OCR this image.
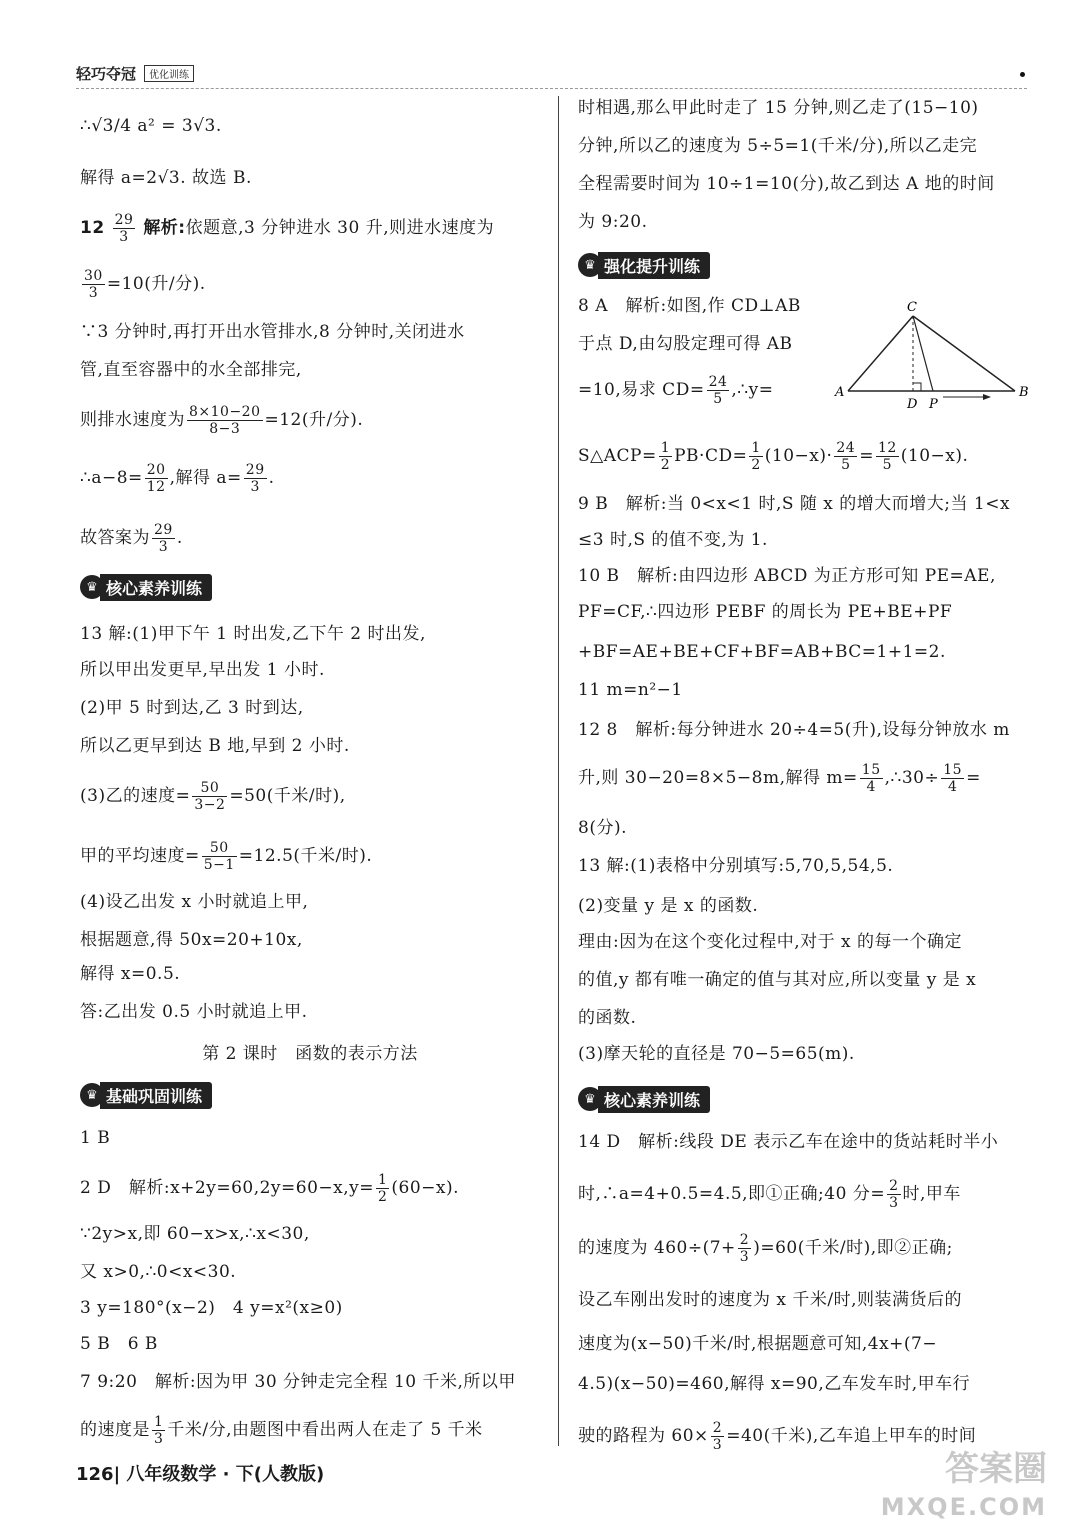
轻巧夺冠	优化训练
∴√3/4 a² = 3√3.
解得 a=2√3. 故选 B.
$12 \frac{29}{3}$ 解析:依题意,3 分钟进水 30 升,则进水速度为
$\frac{30}{3} =10$(升/分).
∵3 分钟时,再打开出水管排水,8 分钟时,关闭进水
管,直至容器中的水全部排完,
则排水速度为 $\frac{8\times 10-20}{8-3} =12$(升/分).
∴a−8= $\frac{20}{12}$ ,解得 $a= \frac{29}{3}$ .
故答案为 $\frac{29}{3}$ .
♛ 核心素养训练
13 解:(1)甲下午 1 时出发,乙下午 2 时出发,
所以甲出发更早,早出发 1 小时.
(2)甲 5 时到达,乙 3 时到达,
所以乙更早到达 B 地,早到 2 小时.
(3)乙的速度= $\frac{50}{3-2} =50$(千米/时),
甲的平均速度= $\frac{50}{5-1} =12.5$(千米/时).
(4)设乙出发 x 小时就追上甲,
根据题意,得 50x=20+10x,
解得 x=0.5.
答:乙出发 0.5 小时就追上甲.
第 2 课时　函数的表示方法
♛ 基础巩固训练
1 B
2 D　解析:x+2y=60,2y=60−x,y= $\frac{1}{2} (60-x)$.
∵2y>x,即 60−x>x,∴x<30,
又 x>0,∴0<x<30.
3 y=180°(x−2)　4 y=x²(x≥0)
5 B　6 B
7 9:20　解析:因为甲 30 分钟走完全程 10 千米,所以甲
的速度是 $\frac{1}{3}$ 千米/分,由题图中看出两人在走了 5 千米
时相遇,那么甲此时走了 15 分钟,则乙走了(15−10)
分钟,所以乙的速度为 5÷5=1(千米/分),所以乙走完
全程需要时间为 10÷1=10(分),故乙到达 A 地的时间
为 9:20.
♛ 强化提升训练
8 A　解析:如图,作 CD⊥AB
于点 D,由勾股定理可得 AB
=10,易求 $CD= \frac{24}{5}$ ,∴y=
C
A	B
D P
S△ACP= $\frac{1}{2} PB\cdot CD= \frac{1}{2} (10-x)\cdot \frac{24}{5} = \frac{12}{5} (10-x)$.
9 B　解析:当 0<x<1 时,S 随 x 的增大而增大;当 1<x
≤3 时,S 的值不变,为 1.
10 B　解析:由四边形 ABCD 为正方形可知 PE=AE,
PF=CF,∴四边形 PEBF 的周长为 PE+BE+PF
+BF=AE+BE+CF+BF=AB+BC=1+1=2.
11 m=n²−1
12 8　解析:每分钟进水 20÷4=5(升),设每分钟放水 m
升,则 30−20=8×5−8m,解得 $m= \frac{15}{4}$ ,∴30÷ $\frac{15}{4}$ =
8(分).
13 解:(1)表格中分别填写:5,70,5,54,5.
(2)变量 y 是 x 的函数.
理由:因为在这个变化过程中,对于 x 的每一个确定
的值,y 都有唯一确定的值与其对应,所以变量 y 是 x
的函数.
(3)摩天轮的直径是 70−5=65(m).
♛ 核心素养训练
14 D　解析:线段 DE 表示乙车在途中的货站耗时半小
时,∴a=4+0.5=4.5,即①正确;40 分= $\frac{2}{3}$ 时,甲车
的速度为 $460\div(7+ \frac{2}{3} )=60$(千米/时),即②正确;
设乙车刚出发时的速度为 x 千米/时,则装满货后的
速度为(x−50)千米/时,根据题意可知,4x+(7−
4.5)(x−50)=460,解得 x=90,乙车发车时,甲车行
驶的路程为 $60\times \frac{2}{3} =40$(千米),乙车追上甲车的时间
126| 八年级数学 · 下(人教版)	答案圈
MXQE.COM
